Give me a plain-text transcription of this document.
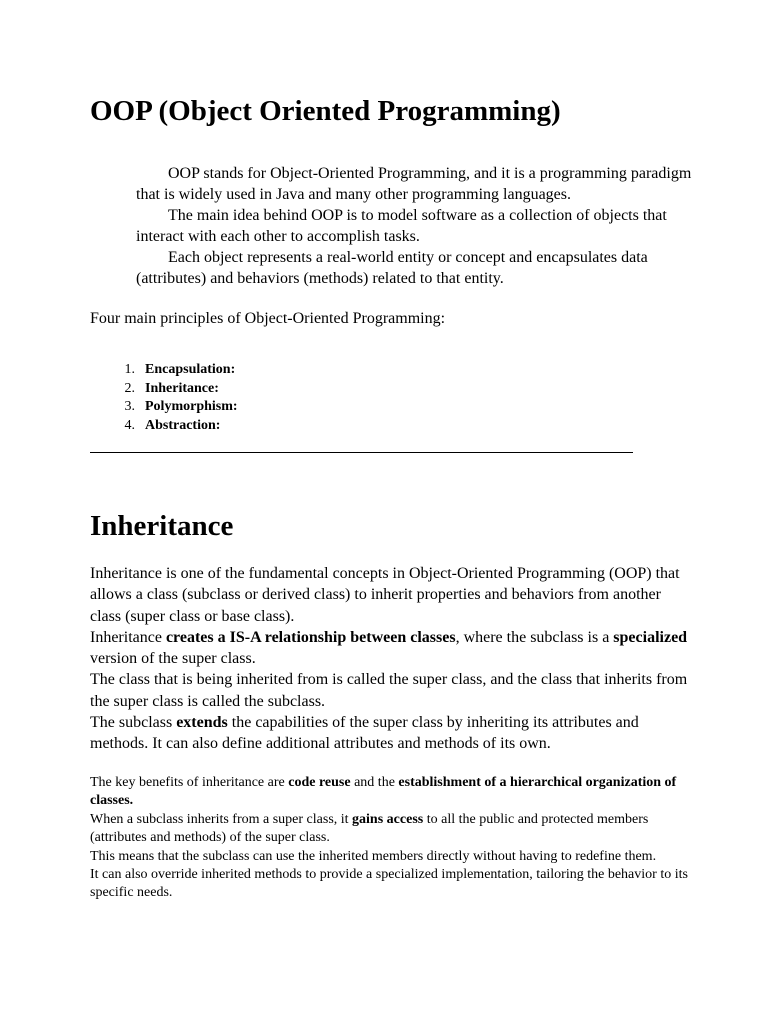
OOP (Object Oriented Programming)

OOP stands for Object-Oriented Programming, and it is a programming paradigm that is widely used in Java and many other programming languages.

The main idea behind OOP is to model software as a collection of objects that interact with each other to accomplish tasks.

Each object represents a real-world entity or concept and encapsulates data (attributes) and behaviors (methods) related to that entity.

Four main principles of Object-Oriented Programming:

1. Encapsulation:
2. Inheritance:
3. Polymorphism:
4. Abstraction:
Inheritance

Inheritance is one of the fundamental concepts in Object-Oriented Programming (OOP) that allows a class (subclass or derived class) to inherit properties and behaviors from another class (super class or base class).

Inheritance creates a IS-A relationship between classes, where the subclass is a specialized version of the super class.

The class that is being inherited from is called the super class, and the class that inherits from the super class is called the subclass.

The subclass extends the capabilities of the super class by inheriting its attributes and methods. It can also define additional attributes and methods of its own.

The key benefits of inheritance are code reuse and the establishment of a hierarchical organization of classes.

When a subclass inherits from a super class, it gains access to all the public and protected members (attributes and methods) of the super class.

This means that the subclass can use the inherited members directly without having to redefine them.

It can also override inherited methods to provide a specialized implementation, tailoring the behavior to its specific needs.
